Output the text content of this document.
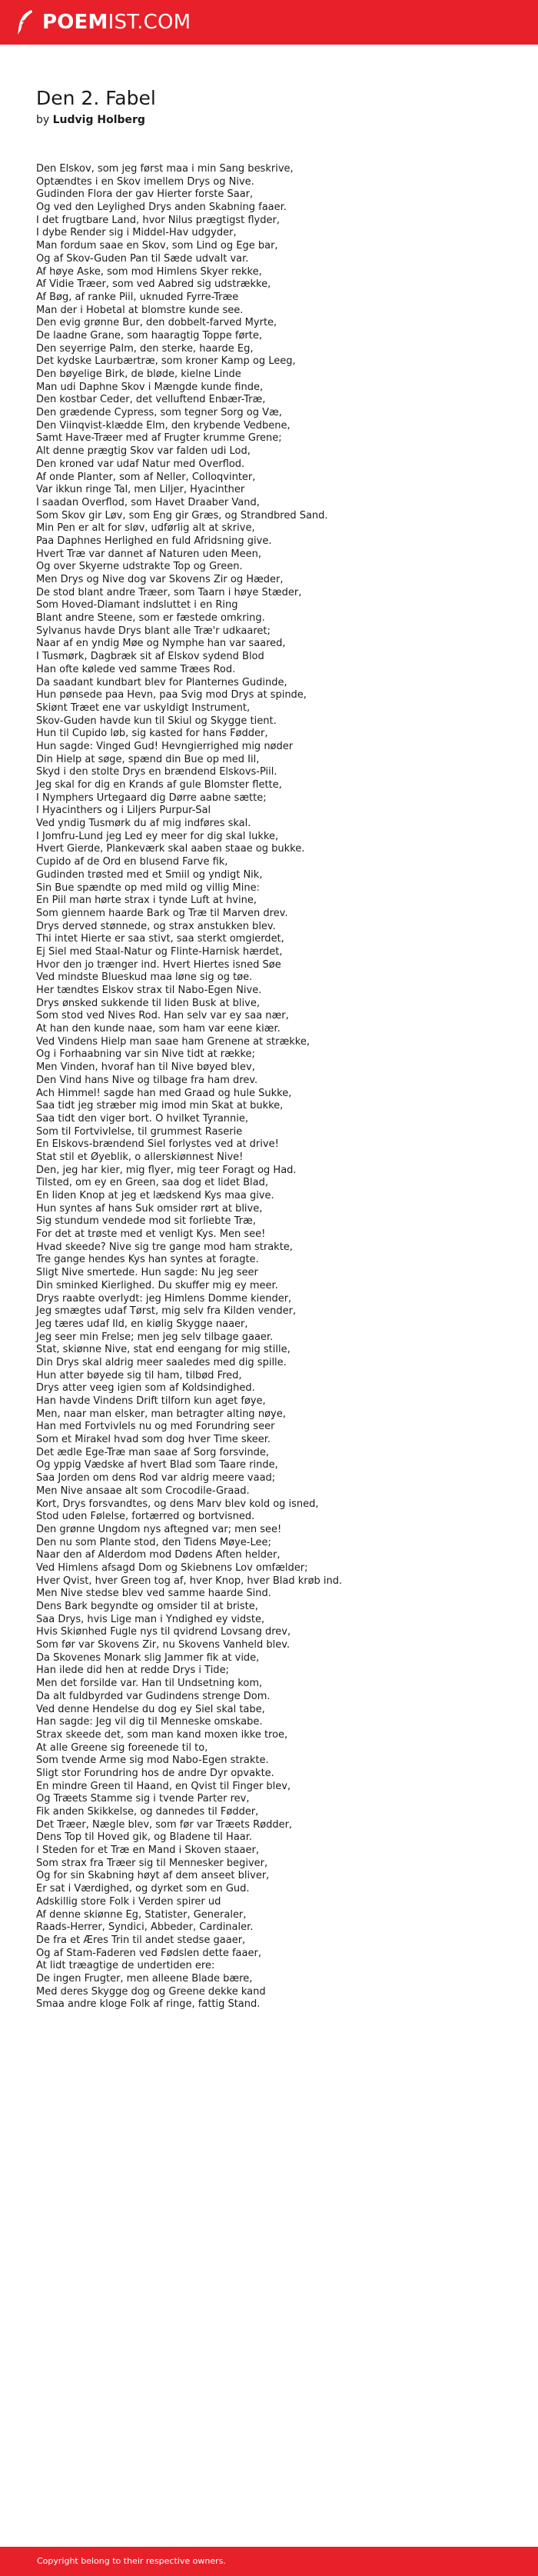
POEMIST.COM
Den 2. Fabel
by Ludvig Holberg
Den Elskov, som jeg først maa i min Sang beskrive,
Optændtes i en Skov imellem Drys og Nive.
Gudinden Flora der gav Hierter forste Saar,
Og ved den Leylighed Drys anden Skabning faaer.
I det frugtbare Land, hvor Nilus prægtigst flyder,
I dybe Render sig i Middel-Hav udgyder,
Man fordum saae en Skov, som Lind og Ege bar,
Og af Skov-Guden Pan til Sæde udvalt var.
Af høye Aske, som mod Himlens Skyer rekke,
Af Vidie Træer, som ved Aabred sig udstrække,
Af Bøg, af ranke Piil, uknuded Fyrre-Træe
Man der i Hobetal at blomstre kunde see.
Den evig grønne Bur, den dobbelt-farved Myrte,
De laadne Grane, som haaragtig Toppe førte,
Den seyerrige Palm, den sterke, haarde Eg,
Det kydske Laurbærtræ, som kroner Kamp og Leeg,
Den bøyelige Birk, de bløde, kielne Linde
Man udi Daphne Skov i Mængde kunde finde,
Den kostbar Ceder, det velluftend Enbær-Træ,
Den grædende Cypress, som tegner Sorg og Væ,
Den Viinqvist-klædde Elm, den krybende Vedbene,
Samt Have-Træer med af Frugter krumme Grene;
Alt denne prægtig Skov var falden udi Lod,
Den kroned var udaf Natur med Overflod.
Af onde Planter, som af Neller, Colloqvinter,
Var ikkun ringe Tal, men Liljer, Hyacinther
I saadan Overflod, som Havet Draaber Vand,
Som Skov gir Løv, som Eng gir Græs, og Strandbred Sand.
Min Pen er alt for sløv, udførlig alt at skrive,
Paa Daphnes Herlighed en fuld Afridsning give.
Hvert Træ var dannet af Naturen uden Meen,
Og over Skyerne udstrakte Top og Green.
Men Drys og Nive dog var Skovens Zir og Hæder,
De stod blant andre Træer, som Taarn i høye Stæder,
Som Hoved-Diamant indsluttet i en Ring
Blant andre Steene, som er fæstede omkring.
Sylvanus havde Drys blant alle Træ'r udkaaret;
Naar af en yndig Møe og Nymphe han var saared,
I Tusmørk, Dagbræk sit af Elskov sydend Blod
Han ofte kølede ved samme Træes Rod.
Da saadant kundbart blev for Planternes Gudinde,
Hun pønsede paa Hevn, paa Svig mod Drys at spinde,
Skiønt Træet ene var uskyldigt Instrument,
Skov-Guden havde kun til Skiul og Skygge tient.
Hun til Cupido løb, sig kasted for hans Fødder,
Hun sagde: Vinged Gud! Hevngierrighed mig nøder
Din Hielp at søge, spænd din Bue op med Iil,
Skyd i den stolte Drys en brændend Elskovs-Piil.
Jeg skal for dig en Krands af gule Blomster flette,
I Nymphers Urtegaard dig Dørre aabne sætte;
I Hyacinthers og i Liljers Purpur-Sal
Ved yndig Tusmørk du af mig indføres skal.
I Jomfru-Lund jeg Led ey meer for dig skal lukke,
Hvert Gierde, Plankeværk skal aaben staae og bukke.
Cupido af de Ord en blusend Farve fik,
Gudinden trøsted med et Smiil og yndigt Nik,
Sin Bue spændte op med mild og villig Mine:
En Piil man hørte strax i tynde Luft at hvine,
Som giennem haarde Bark og Træ til Marven drev.
Drys derved stønnede, og strax anstukken blev.
Thi intet Hierte er saa stivt, saa sterkt omgierdet,
Ej Siel med Staal-Natur og Flinte-Harnisk hærdet,
Hvor den jo trænger ind. Hvert Hiertes isned Søe
Ved mindste Blueskud maa løne sig og tøe.
Her tændtes Elskov strax til Nabo-Egen Nive.
Drys ønsked sukkende til liden Busk at blive,
Som stod ved Nives Rod. Han selv var ey saa nær,
At han den kunde naae, som ham var eene kiær.
Ved Vindens Hielp man saae ham Grenene at strække,
Og i Forhaabning var sin Nive tidt at række;
Men Vinden, hvoraf han til Nive bøyed blev,
Den Vind hans Nive og tilbage fra ham drev.
Ach Himmel! sagde han med Graad og hule Sukke,
Saa tidt jeg stræber mig imod min Skat at bukke,
Saa tidt den viger bort. O hvilket Tyrannie,
Som til Fortvivlelse, til grummest Raserie
En Elskovs-brændend Siel forlystes ved at drive!
Stat stil et Øyeblik, o allerskiønnest Nive!
Den, jeg har kier, mig flyer, mig teer Foragt og Had.
Tilsted, om ey en Green, saa dog et lidet Blad,
En liden Knop at jeg et lædskend Kys maa give.
Hun syntes af hans Suk omsider rørt at blive,
Sig stundum vendede mod sit forliebte Træ,
For det at trøste med et venligt Kys. Men see!
Hvad skeede? Nive sig tre gange mod ham strakte,
Tre gange hendes Kys han syntes at foragte.
Sligt Nive smertede. Hun sagde: Nu jeg seer
Din sminked Kierlighed. Du skuffer mig ey meer.
Drys raabte overlydt: jeg Himlens Domme kiender,
Jeg smægtes udaf Tørst, mig selv fra Kilden vender,
Jeg tæres udaf Ild, en kiølig Skygge naaer,
Jeg seer min Frelse; men jeg selv tilbage gaaer.
Stat, skiønne Nive, stat end eengang for mig stille,
Din Drys skal aldrig meer saaledes med dig spille.
Hun atter bøyede sig til ham, tilbød Fred,
Drys atter veeg igien som af Koldsindighed.
Han havde Vindens Drift tilforn kun aget føye,
Men, naar man elsker, man betragter alting nøye,
Han med Fortvivlels nu og med Forundring seer
Som et Mirakel hvad som dog hver Time skeer.
Det ædle Ege-Træ man saae af Sorg forsvinde,
Og yppig Vædske af hvert Blad som Taare rinde,
Saa Jorden om dens Rod var aldrig meere vaad;
Men Nive ansaae alt som Crocodile-Graad.
Kort, Drys forsvandtes, og dens Marv blev kold og isned,
Stod uden Følelse, fortærred og bortvisned.
Den grønne Ungdom nys aftegned var; men see!
Den nu som Plante stod, den Tidens Møye-Lee;
Naar den af Alderdom mod Dødens Aften helder,
Ved Himlens afsagd Dom og Skiebnens Lov omfælder;
Hver Qvist, hver Green tog af, hver Knop, hver Blad krøb ind.
Men Nive stedse blev ved samme haarde Sind.
Dens Bark begyndte og omsider til at briste,
Saa Drys, hvis Lige man i Yndighed ey vidste,
Hvis Skiønhed Fugle nys til qvidrend Lovsang drev,
Som før var Skovens Zir, nu Skovens Vanheld blev.
Da Skovenes Monark slig Jammer fik at vide,
Han ilede did hen at redde Drys i Tide;
Men det forsilde var. Han til Undsetning kom,
Da alt fuldbyrded var Gudindens strenge Dom.
Ved denne Hendelse du dog ey Siel skal tabe,
Han sagde: Jeg vil dig til Menneske omskabe.
Strax skeede det, som man kand moxen ikke troe,
At alle Greene sig foreenede til to,
Som tvende Arme sig mod Nabo-Egen strakte.
Sligt stor Forundring hos de andre Dyr opvakte.
En mindre Green til Haand, en Qvist til Finger blev,
Og Træets Stamme sig i tvende Parter rev,
Fik anden Skikkelse, og dannedes til Fødder,
Det Træer, Nægle blev, som før var Træets Rødder,
Dens Top til Hoved gik, og Bladene til Haar.
I Steden for et Træ en Mand i Skoven staaer,
Som strax fra Træer sig til Mennesker begiver,
Og for sin Skabning høyt af dem anseet bliver,
Er sat i Værdighed, og dyrket som en Gud.
Adskillig store Folk i Verden spirer ud
Af denne skiønne Eg, Statister, Generaler,
Raads-Herrer, Syndici, Abbeder, Cardinaler.
De fra et Æres Trin til andet stedse gaaer,
Og af Stam-Faderen ved Fødslen dette faaer,
At lidt træagtige de undertiden ere:
De ingen Frugter, men alleene Blade bære,
Med deres Skygge dog og Greene dekke kand
Smaa andre kloge Folk af ringe, fattig Stand.
Copyright belong to their respective owners.
